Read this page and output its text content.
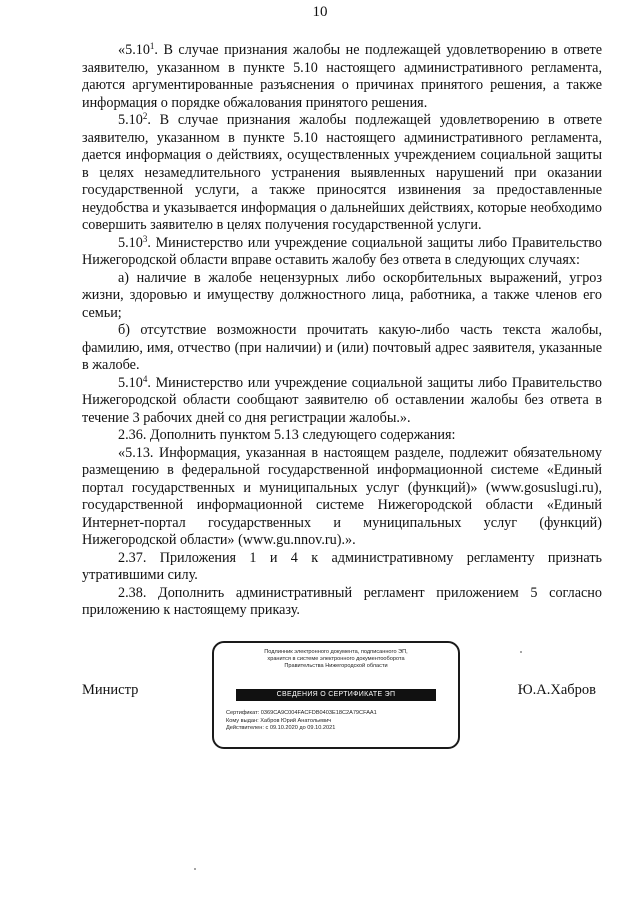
10

«5.10$^1$. В случае признания жалобы не подлежащей удовлетворению в ответе заявителю, указанном в пункте 5.10 настоящего административного регламента, даются аргументированные разъяснения о причинах принятого решения, а также информация о порядке обжалования принятого решения.

5.10$^2$. В случае признания жалобы подлежащей удовлетворению в ответе заявителю, указанном в пункте 5.10 настоящего административного регламента, дается информация о действиях, осуществленных учреждением социальной защиты в целях незамедлительного устранения выявленных нарушений при оказании государственной услуги, а также приносятся извинения за предоставленные неудобства и указывается информация о дальнейших действиях, которые необходимо совершить заявителю в целях получения государственной услуги.

5.10$^3$. Министерство или учреждение социальной защиты либо Правительство Нижегородской области вправе оставить жалобу без ответа в следующих случаях:

а) наличие в жалобе нецензурных либо оскорбительных выражений, угроз жизни, здоровью и имуществу должностного лица, работника, а также членов его семьи;

б) отсутствие возможности прочитать какую-либо часть текста жалобы, фамилию, имя, отчество (при наличии) и (или) почтовый адрес заявителя, указанные в жалобе.

5.10$^4$. Министерство или учреждение социальной защиты либо Правительство Нижегородской области сообщают заявителю об оставлении жалобы без ответа в течение 3 рабочих дней со дня регистрации жалобы.».

2.36. Дополнить пунктом 5.13 следующего содержания:

«5.13. Информация, указанная в настоящем разделе, подлежит обязательному размещению в федеральной государственной информационной системе «Единый портал государственных и муниципальных услуг (функций)» (www.gosuslugi.ru), государственной информационной системе Нижегородской области «Единый Интернет-портал государственных и муниципальных услуг (функций) Нижегородской области» (www.gu.nnov.ru).».

2.37. Приложения 1 и 4 к административному регламенту признать утратившими силу.

2.38. Дополнить административный регламент приложением 5 согласно приложению к настоящему приказу.

Министр	Ю.А.Хабров
Подлинник электронного документа, подписанного ЭП,
хранится в системе электронного документооборота
Правительства Нижегородской области
СВЕДЕНИЯ О СЕРТИФИКАТЕ ЭП
Сертификат: 0369CA9C004FACFDB0403E18C2A79CFAA1
Кому выдан: Хабров Юрий Анатольевич
Действителен: с 09.10.2020 до 09.10.2021
